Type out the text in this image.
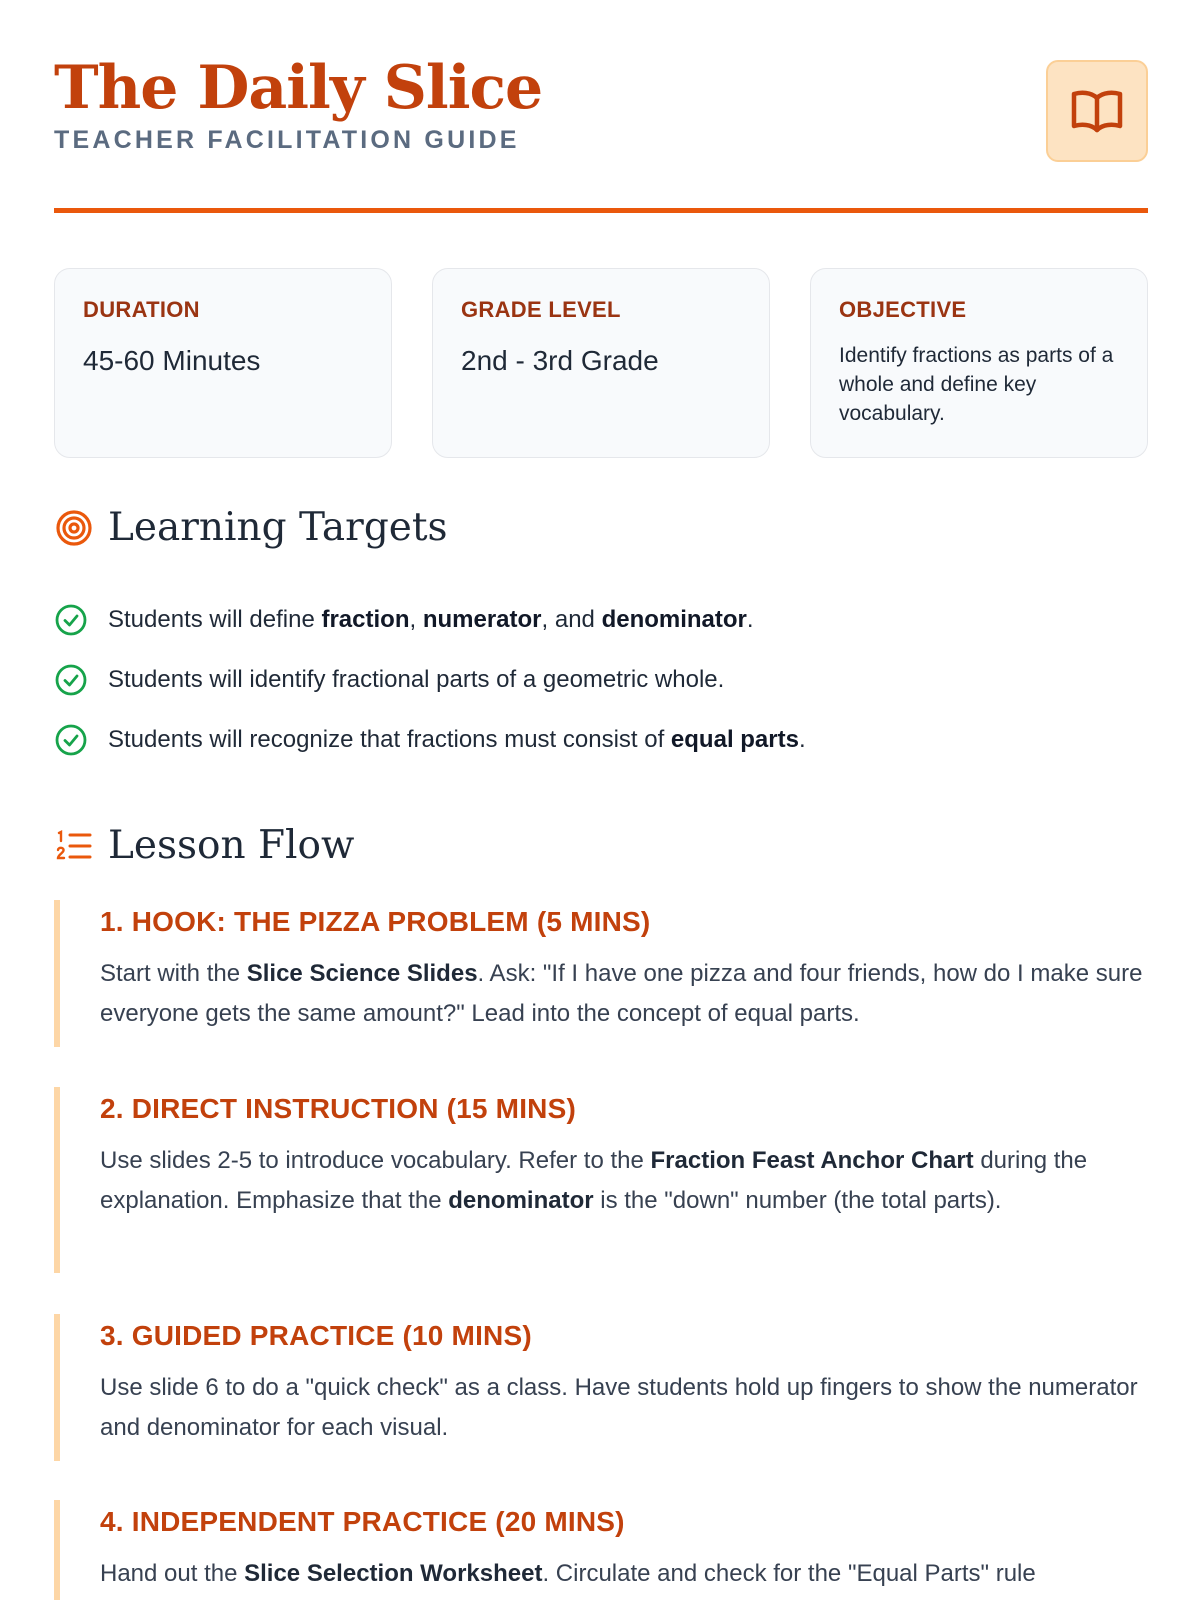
The Daily Slice
TEACHER FACILITATION GUIDE
DURATION
45-60 Minutes
GRADE LEVEL
2nd - 3rd Grade
OBJECTIVE
Identify fractions as parts of a whole and define key vocabulary.
Learning Targets
Students will define fraction, numerator, and denominator.
Students will identify fractional parts of a geometric whole.
Students will recognize that fractions must consist of equal parts.
Lesson Flow
1. HOOK: THE PIZZA PROBLEM (5 MINS)
Start with the Slice Science Slides. Ask: "If I have one pizza and four friends, how do I make sure everyone gets the same amount?" Lead into the concept of equal parts.
2. DIRECT INSTRUCTION (15 MINS)
Use slides 2-5 to introduce vocabulary. Refer to the Fraction Feast Anchor Chart during the explanation. Emphasize that the denominator is the "down" number (the total parts).
3. GUIDED PRACTICE (10 MINS)
Use slide 6 to do a "quick check" as a class. Have students hold up fingers to show the numerator and denominator for each visual.
4. INDEPENDENT PRACTICE (20 MINS)
Hand out the Slice Selection Worksheet. Circulate and check for the "Equal Parts" rule
